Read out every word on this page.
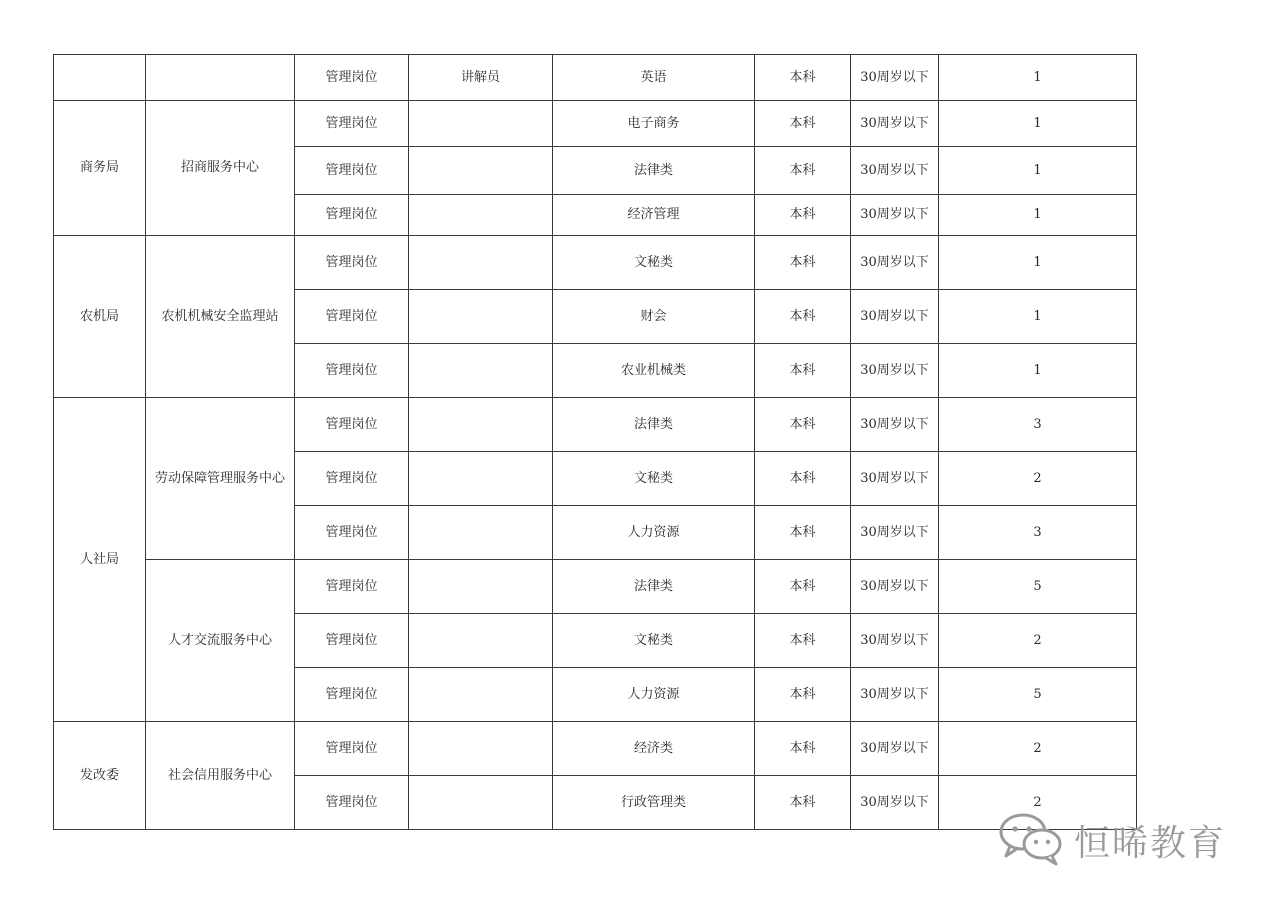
		管理岗位	讲解员	英语	本科	30周岁以下	1
商务局	招商服务中心	管理岗位		电子商务	本科	30周岁以下	1
		管理岗位		法律类	本科	30周岁以下	1
		管理岗位		经济管理	本科	30周岁以下	1
农机局	农机机械安全监理站	管理岗位		文秘类	本科	30周岁以下	1
		管理岗位		财会	本科	30周岁以下	1
		管理岗位		农业机械类	本科	30周岁以下	1
人社局	劳动保障管理服务中心	管理岗位		法律类	本科	30周岁以下	3
		管理岗位		文秘类	本科	30周岁以下	2
		管理岗位		人力资源	本科	30周岁以下	3
	人才交流服务中心	管理岗位		法律类	本科	30周岁以下	5
		管理岗位		文秘类	本科	30周岁以下	2
		管理岗位		人力资源	本科	30周岁以下	5
发改委	社会信用服务中心	管理岗位		经济类	本科	30周岁以下	2
		管理岗位		行政管理类	本科	30周岁以下	2
恒晞教育
